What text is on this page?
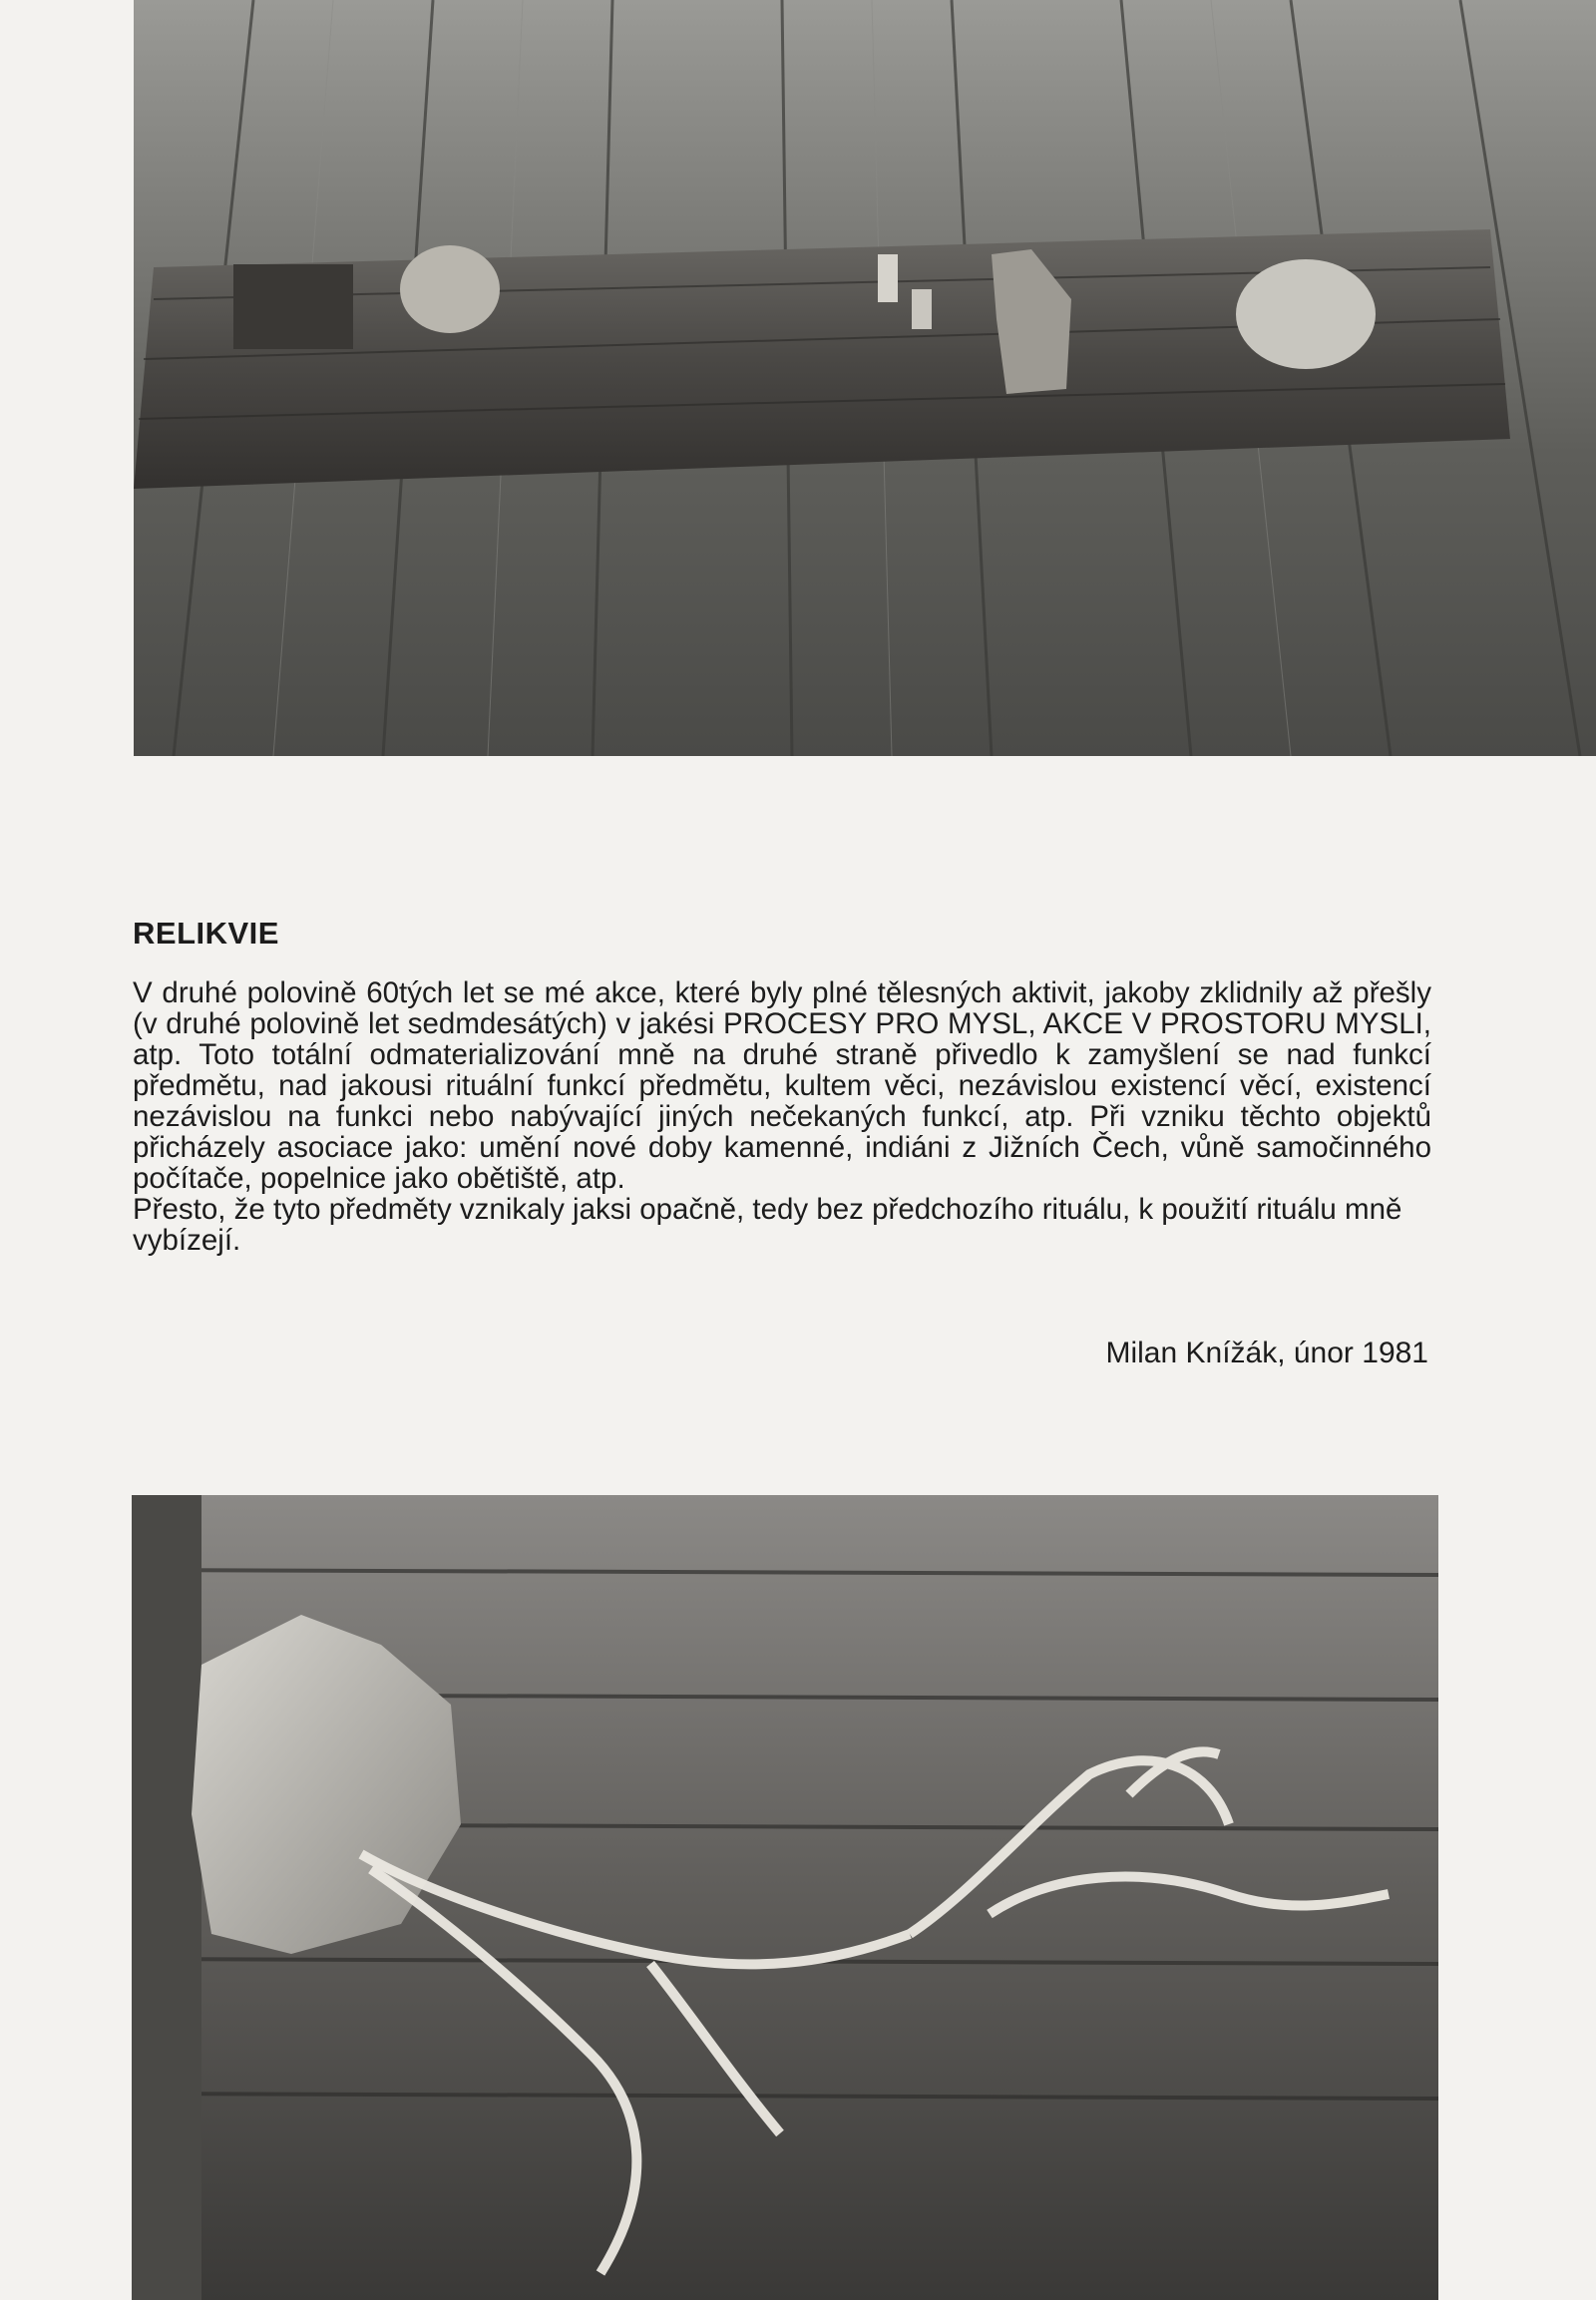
RELIKVIE

V druhé polovině 60tých let se mé akce, které byly plné tělesných aktivit, jakoby zklidnily až přešly (v druhé polovině let sedmdesátých) v jakési PROCESY PRO MYSL, AKCE V PROSTORU MYSLI, atp. Toto totální odmaterializování mně na druhé straně přivedlo k zamyšlení se nad funkcí předmětu, nad jakousi rituální funkcí předmětu, kultem věci, nezávislou existencí věcí, existencí nezávislou na funkci nebo nabývající jiných nečekaných funkcí, atp. Při vzniku těchto objektů přicházely asociace jako: umění nové doby kamenné, indiáni z Jižních Čech, vůně samočinného počítače, popelnice jako obětiště, atp.

Přesto, že tyto předměty vznikaly jaksi opačně, tedy bez předchozího rituálu, k použití rituálu mně vybízejí.

Milan Knížák, únor 1981
